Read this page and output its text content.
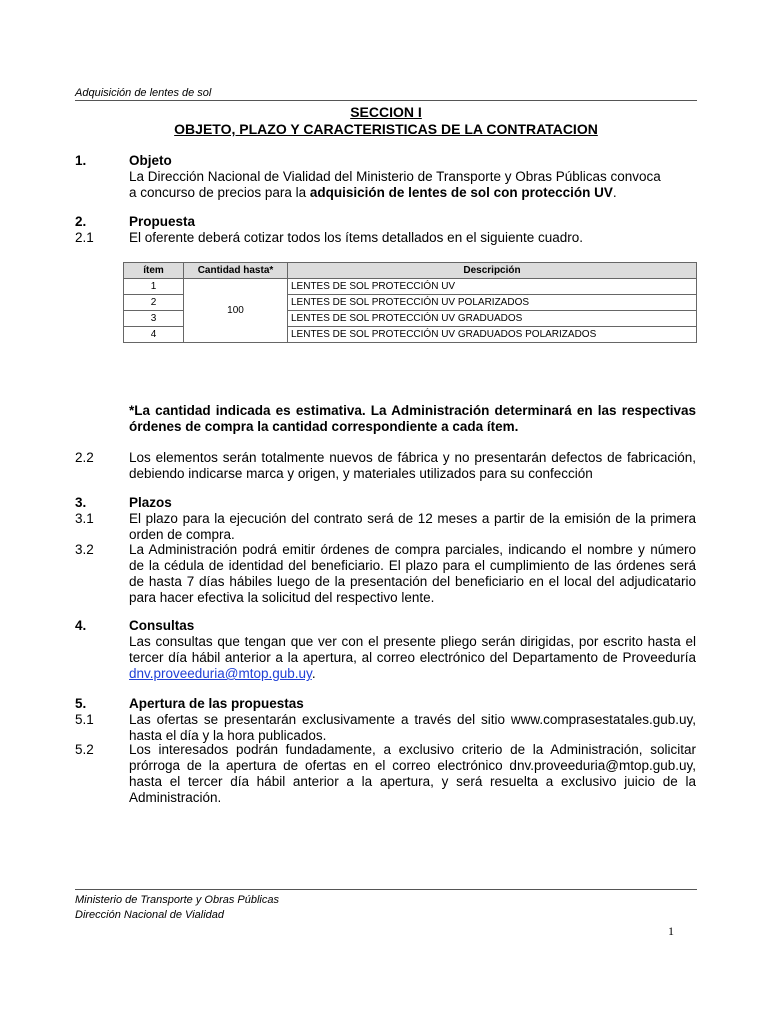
Adquisición de lentes de sol
SECCION I
OBJETO, PLAZO Y CARACTERISTICAS DE LA CONTRATACION
1.	Objeto
La Dirección Nacional de Vialidad del Ministerio de Transporte y Obras Públicas convoca
a concurso de precios para la adquisición de lentes de sol con protección UV.
2.	Propuesta
2.1	El oferente deberá cotizar todos los ítems detallados en el siguiente cuadro.
ítem	Cantidad hasta*	Descripción
1	100	LENTES DE SOL PROTECCIÓN UV
2		LENTES DE SOL PROTECCIÓN UV POLARIZADOS
3		LENTES DE SOL PROTECCIÓN UV GRADUADOS
4		LENTES DE SOL PROTECCIÓN UV GRADUADOS POLARIZADOS
*La cantidad indicada es estimativa. La Administración determinará en las respectivas órdenes de compra la cantidad correspondiente a cada ítem.
2.2	Los elementos serán totalmente nuevos de fábrica y no presentarán defectos de fabricación, debiendo indicarse marca y origen, y materiales utilizados para su confección
3.	Plazos
3.1	El plazo para la ejecución del contrato será de 12 meses a partir de la emisión de la primera orden de compra.
3.2	La Administración podrá emitir órdenes de compra parciales, indicando el nombre y número de la cédula de identidad del beneficiario. El plazo para el cumplimiento de las órdenes será de hasta 7 días hábiles luego de la presentación del beneficiario en el local del adjudicatario para hacer efectiva la solicitud del respectivo lente.
4.	Consultas
Las consultas que tengan que ver con el presente pliego serán dirigidas, por escrito hasta el tercer día hábil anterior a la apertura, al correo electrónico del Departamento de Proveeduría dnv.proveeduria@mtop.gub.uy.
5.	Apertura de las propuestas
5.1	Las ofertas se presentarán exclusivamente a través del sitio www.comprasestatales.gub.uy, hasta el día y la hora publicados.
5.2	Los interesados podrán fundadamente, a exclusivo criterio de la Administración, solicitar prórroga de la apertura de ofertas en el correo electrónico dnv.proveeduria@mtop.gub.uy, hasta el tercer día hábil anterior a la apertura, y será resuelta a exclusivo juicio de la Administración.
Ministerio de Transporte y Obras Públicas
Dirección Nacional de Vialidad
1
